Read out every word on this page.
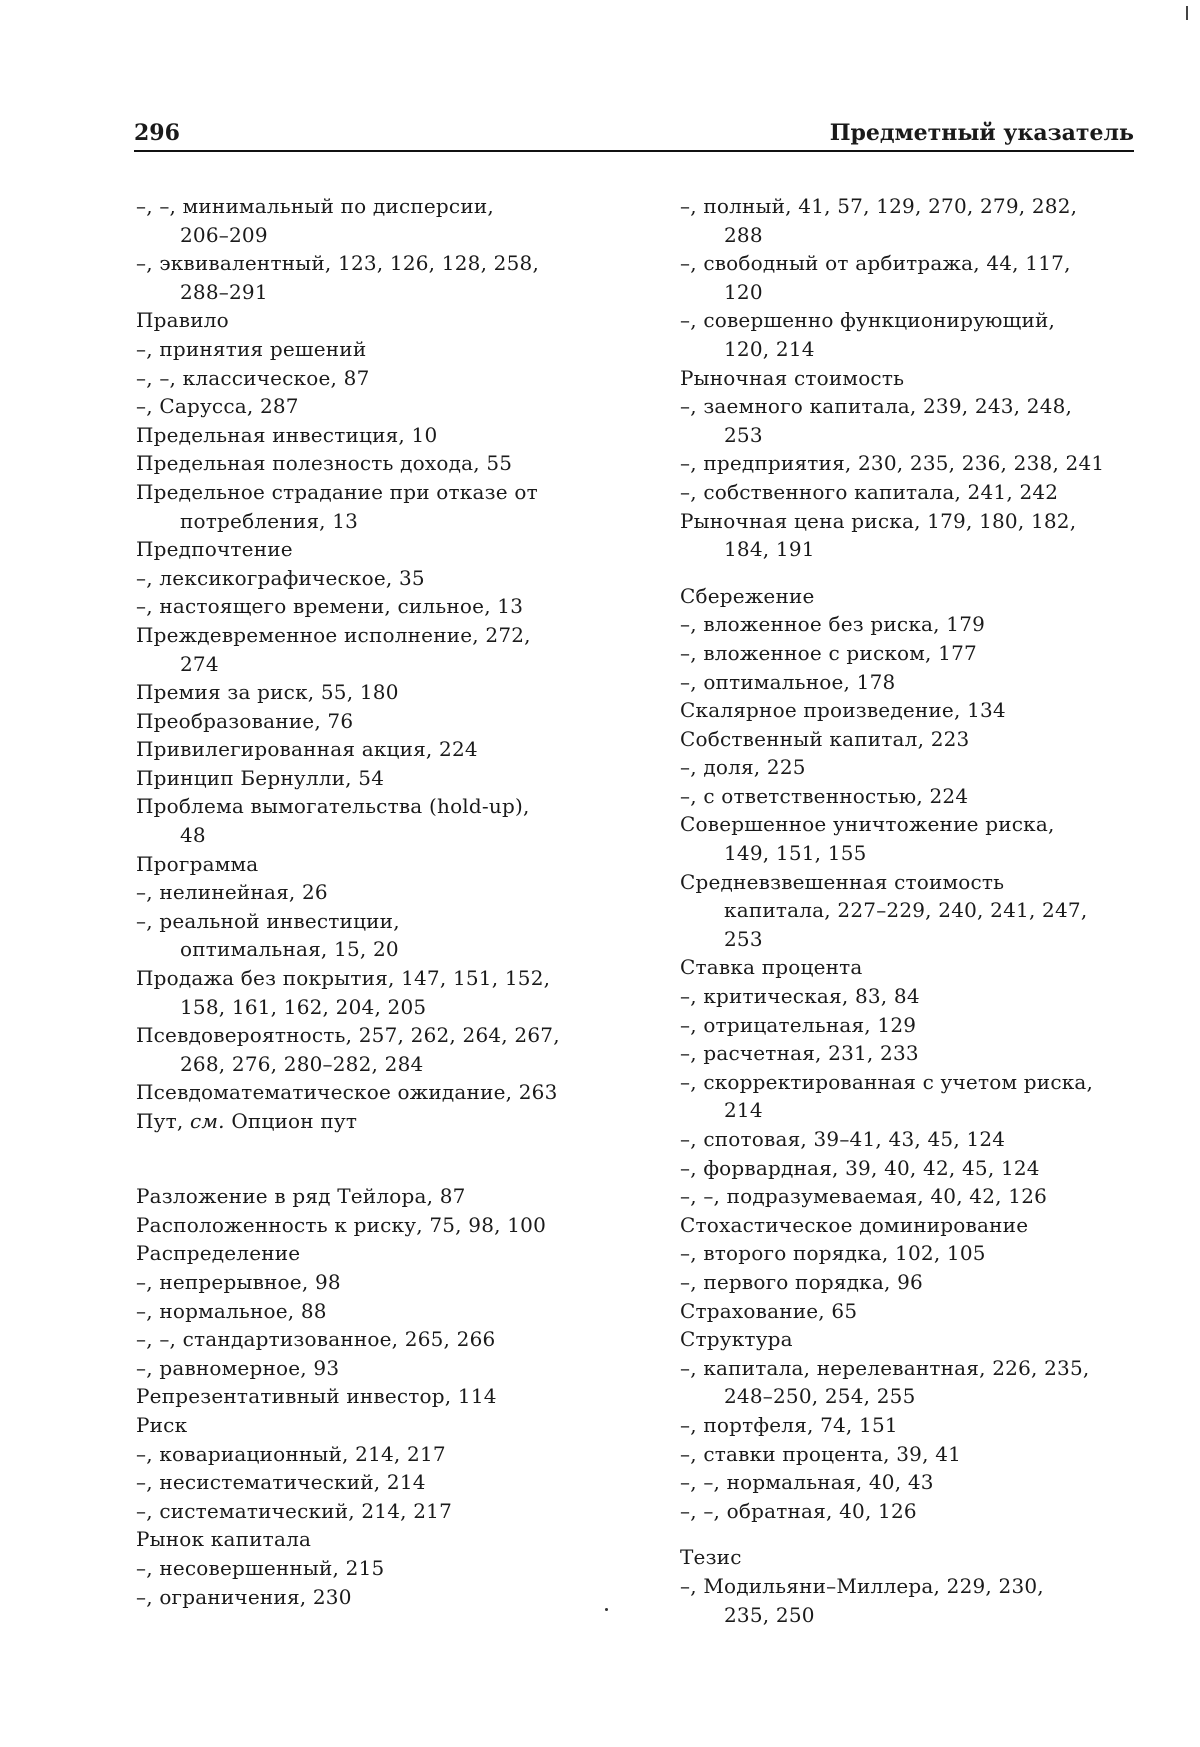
296	Предметный указатель
–, –, минимальный по дисперсии,
206–209
–, эквивалентный, 123, 126, 128, 258,
288–291
Правило
–, принятия решений
–, –, классическое, 87
–, Сарусса, 287
Предельная инвестиция, 10
Предельная полезность дохода, 55
Предельное страдание при отказе от
потребления, 13
Предпочтение
–, лексикографическое, 35
–, настоящего времени, сильное, 13
Преждевременное исполнение, 272,
274
Премия за риск, 55, 180
Преобразование, 76
Привилегированная акция, 224
Принцип Бернулли, 54
Проблема вымогательства (hold-up),
48
Программа
–, нелинейная, 26
–, реальной инвестиции,
оптимальная, 15, 20
Продажа без покрытия, 147, 151, 152,
158, 161, 162, 204, 205
Псевдовероятность, 257, 262, 264, 267,
268, 276, 280–282, 284
Псевдоматематическое ожидание, 263
Пут, см. Опцион пут
Разложение в ряд Тейлора, 87
Расположенность к риску, 75, 98, 100
Распределение
–, непрерывное, 98
–, нормальное, 88
–, –, стандартизованное, 265, 266
–, равномерное, 93
Репрезентативный инвестор, 114
Риск
–, ковариационный, 214, 217
–, несистематический, 214
–, систематический, 214, 217
Рынок капитала
–, несовершенный, 215
–, ограничения, 230
–, полный, 41, 57, 129, 270, 279, 282,
288
–, свободный от арбитража, 44, 117,
120
–, совершенно функционирующий,
120, 214
Рыночная стоимость
–, заемного капитала, 239, 243, 248,
253
–, предприятия, 230, 235, 236, 238, 241
–, собственного капитала, 241, 242
Рыночная цена риска, 179, 180, 182,
184, 191
Сбережение
–, вложенное без риска, 179
–, вложенное с риском, 177
–, оптимальное, 178
Скалярное произведение, 134
Собственный капитал, 223
–, доля, 225
–, с ответственностью, 224
Совершенное уничтожение риска,
149, 151, 155
Средневзвешенная стоимость
капитала, 227–229, 240, 241, 247,
253
Ставка процента
–, критическая, 83, 84
–, отрицательная, 129
–, расчетная, 231, 233
–, скорректированная с учетом риска,
214
–, спотовая, 39–41, 43, 45, 124
–, форвардная, 39, 40, 42, 45, 124
–, –, подразумеваемая, 40, 42, 126
Стохастическое доминирование
–, второго порядка, 102, 105
–, первого порядка, 96
Страхование, 65
Структура
–, капитала, нерелевантная, 226, 235,
248–250, 254, 255
–, портфеля, 74, 151
–, ставки процента, 39, 41
–, –, нормальная, 40, 43
–, –, обратная, 40, 126
Тезис
–, Модильяни–Миллера, 229, 230,
235, 250
